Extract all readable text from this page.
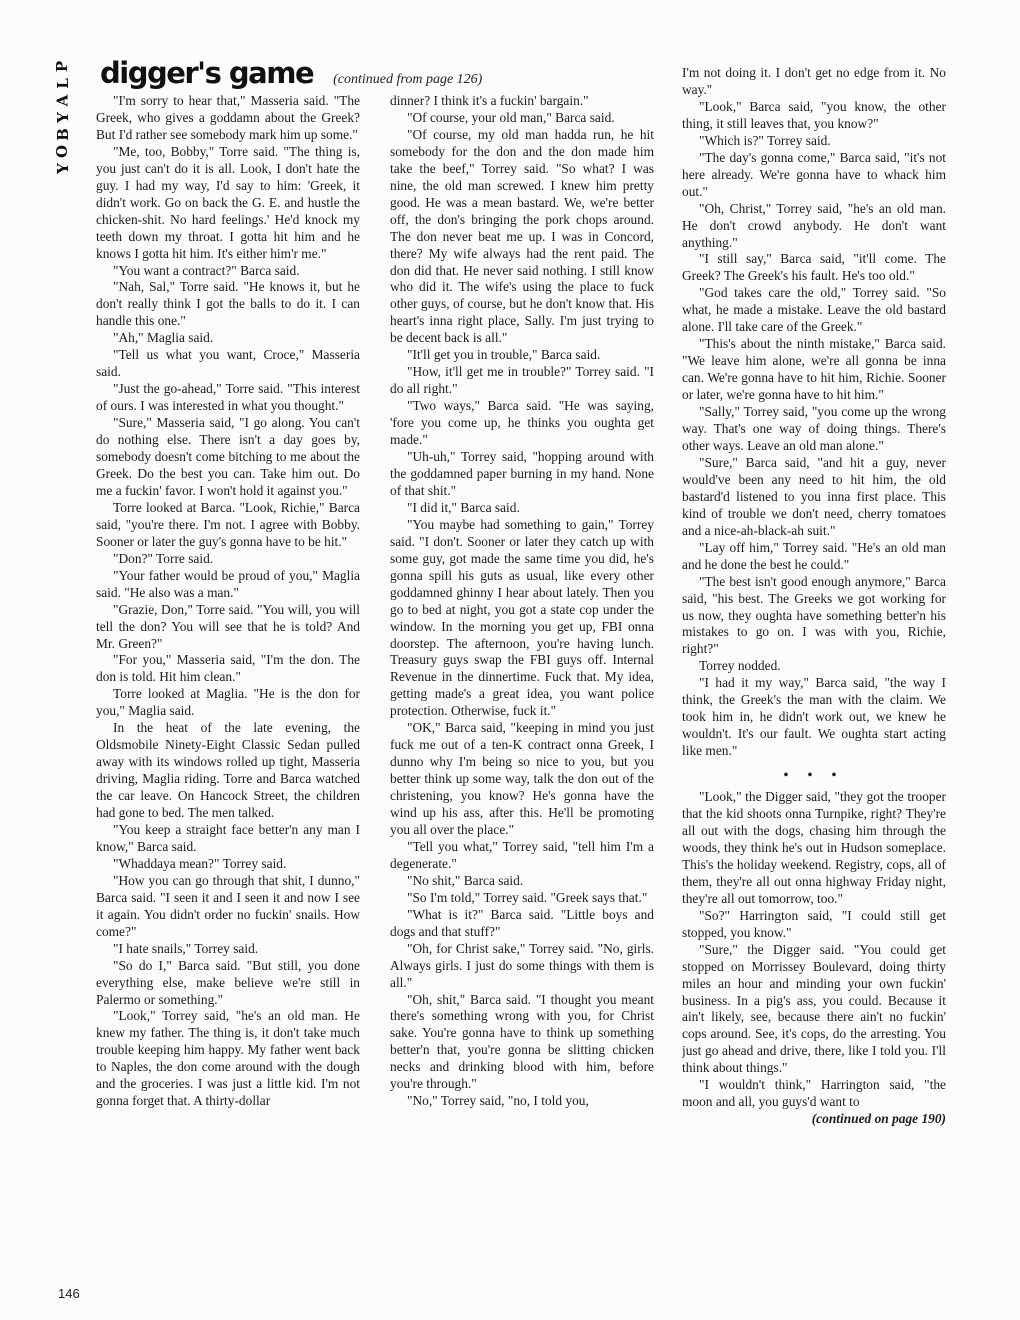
P
L
A
Y
B
O
Y
digger's game (continued from page 126)

"I'm sorry to hear that," Masseria said. "The Greek, who gives a goddamn about the Greek? But I'd rather see somebody mark him up some."

"Me, too, Bobby," Torre said. "The thing is, you just can't do it is all. Look, I don't hate the guy. I had my way, I'd say to him: 'Greek, it didn't work. Go on back the G. E. and hustle the chicken-shit. No hard feelings.' He'd knock my teeth down my throat. I gotta hit him and he knows I gotta hit him. It's either him'r me."

"You want a contract?" Barca said.

"Nah, Sal," Torre said. "He knows it, but he don't really think I got the balls to do it. I can handle this one."

"Ah," Maglia said.

"Tell us what you want, Croce," Masseria said.

"Just the go-ahead," Torre said. "This interest of ours. I was interested in what you thought."

"Sure," Masseria said, "I go along. You can't do nothing else. There isn't a day goes by, somebody doesn't come bitching to me about the Greek. Do the best you can. Take him out. Do me a fuckin' favor. I won't hold it against you."

Torre looked at Barca. "Look, Richie," Barca said, "you're there. I'm not. I agree with Bobby. Sooner or later the guy's gonna have to be hit."

"Don?" Torre said.

"Your father would be proud of you," Maglia said. "He also was a man."

"Grazie, Don," Torre said. "You will, you will tell the don? You will see that he is told? And Mr. Green?"

"For you," Masseria said, "I'm the don. The don is told. Hit him clean."

Torre looked at Maglia. "He is the don for you," Maglia said.

In the heat of the late evening, the Oldsmobile Ninety-Eight Classic Sedan pulled away with its windows rolled up tight, Masseria driving, Maglia riding. Torre and Barca watched the car leave. On Hancock Street, the children had gone to bed. The men talked.

"You keep a straight face better'n any man I know," Barca said.

"Whaddaya mean?" Torrey said.

"How you can go through that shit, I dunno," Barca said. "I seen it and I seen it and now I see it again. You didn't order no fuckin' snails. How come?"

"I hate snails," Torrey said.

"So do I," Barca said. "But still, you done everything else, make believe we're still in Palermo or something."

"Look," Torrey said, "he's an old man. He knew my father. The thing is, it don't take much trouble keeping him happy. My father went back to Naples, the don come around with the dough and the groceries. I was just a little kid. I'm not gonna forget that. A thirty-dollar

dinner? I think it's a fuckin' bargain."

"Of course, your old man," Barca said.

"Of course, my old man hadda run, he hit somebody for the don and the don made him take the beef," Torrey said. "So what? I was nine, the old man screwed. I knew him pretty good. He was a mean bastard. We, we're better off, the don's bringing the pork chops around. The don never beat me up. I was in Concord, there? My wife always had the rent paid. The don did that. He never said nothing. I still know who did it. The wife's using the place to fuck other guys, of course, but he don't know that. His heart's inna right place, Sally. I'm just trying to be decent back is all."

"It'll get you in trouble," Barca said.

"How, it'll get me in trouble?" Torrey said. "I do all right."

"Two ways," Barca said. "He was saying, 'fore you come up, he thinks you oughta get made."

"Uh-uh," Torrey said, "hopping around with the goddamned paper burning in my hand. None of that shit."

"I did it," Barca said.

"You maybe had something to gain," Torrey said. "I don't. Sooner or later they catch up with some guy, got made the same time you did, he's gonna spill his guts as usual, like every other goddamned ghinny I hear about lately. Then you go to bed at night, you got a state cop under the window. In the morning you get up, FBI onna doorstep. The afternoon, you're having lunch. Treasury guys swap the FBI guys off. Internal Revenue in the dinnertime. Fuck that. My idea, getting made's a great idea, you want police protection. Otherwise, fuck it."

"OK," Barca said, "keeping in mind you just fuck me out of a ten-K contract onna Greek, I dunno why I'm being so nice to you, but you better think up some way, talk the don out of the christening, you know? He's gonna have the wind up his ass, after this. He'll be promoting you all over the place."

"Tell you what," Torrey said, "tell him I'm a degenerate."

"No shit," Barca said.

"So I'm told," Torrey said. "Greek says that."

"What is it?" Barca said. "Little boys and dogs and that stuff?"

"Oh, for Christ sake," Torrey said. "No, girls. Always girls. I just do some things with them is all."

"Oh, shit," Barca said. "I thought you meant there's something wrong with you, for Christ sake. You're gonna have to think up something better'n that, you're gonna be slitting chicken necks and drinking blood with him, before you're through."

"No," Torrey said, "no, I told you,

I'm not doing it. I don't get no edge from it. No way."

"Look," Barca said, "you know, the other thing, it still leaves that, you know?"

"Which is?" Torrey said.

"The day's gonna come," Barca said, "it's not here already. We're gonna have to whack him out."

"Oh, Christ," Torrey said, "he's an old man. He don't crowd anybody. He don't want anything."

"I still say," Barca said, "it'll come. The Greek? The Greek's his fault. He's too old."

"God takes care the old," Torrey said. "So what, he made a mistake. Leave the old bastard alone. I'll take care of the Greek."

"This's about the ninth mistake," Barca said. "We leave him alone, we're all gonna be inna can. We're gonna have to hit him, Richie. Sooner or later, we're gonna have to hit him."

"Sally," Torrey said, "you come up the wrong way. That's one way of doing things. There's other ways. Leave an old man alone."

"Sure," Barca said, "and hit a guy, never would've been any need to hit him, the old bastard'd listened to you inna first place. This kind of trouble we don't need, cherry tomatoes and a nice-ah-black-ah suit."

"Lay off him," Torrey said. "He's an old man and he done the best he could."

"The best isn't good enough anymore," Barca said, "his best. The Greeks we got working for us now, they oughta have something better'n his mistakes to go on. I was with you, Richie, right?"

Torrey nodded.

"I had it my way," Barca said, "the way I think, the Greek's the man with the claim. We took him in, he didn't work out, we knew he wouldn't. It's our fault. We oughta start acting like men."

• • •

"Look," the Digger said, "they got the trooper that the kid shoots onna Turnpike, right? They're all out with the dogs, chasing him through the woods, they think he's out in Hudson someplace. This's the holiday weekend. Registry, cops, all of them, they're all out onna highway Friday night, they're all out tomorrow, too."

"So?" Harrington said, "I could still get stopped, you know."

"Sure," the Digger said. "You could get stopped on Morrissey Boulevard, doing thirty miles an hour and minding your own fuckin' business. In a pig's ass, you could. Because it ain't likely, see, because there ain't no fuckin' cops around. See, it's cops, do the arresting. You just go ahead and drive, there, like I told you. I'll think about things."

"I wouldn't think," Harrington said, "the moon and all, you guys'd want to

(continued on page 190)

146
